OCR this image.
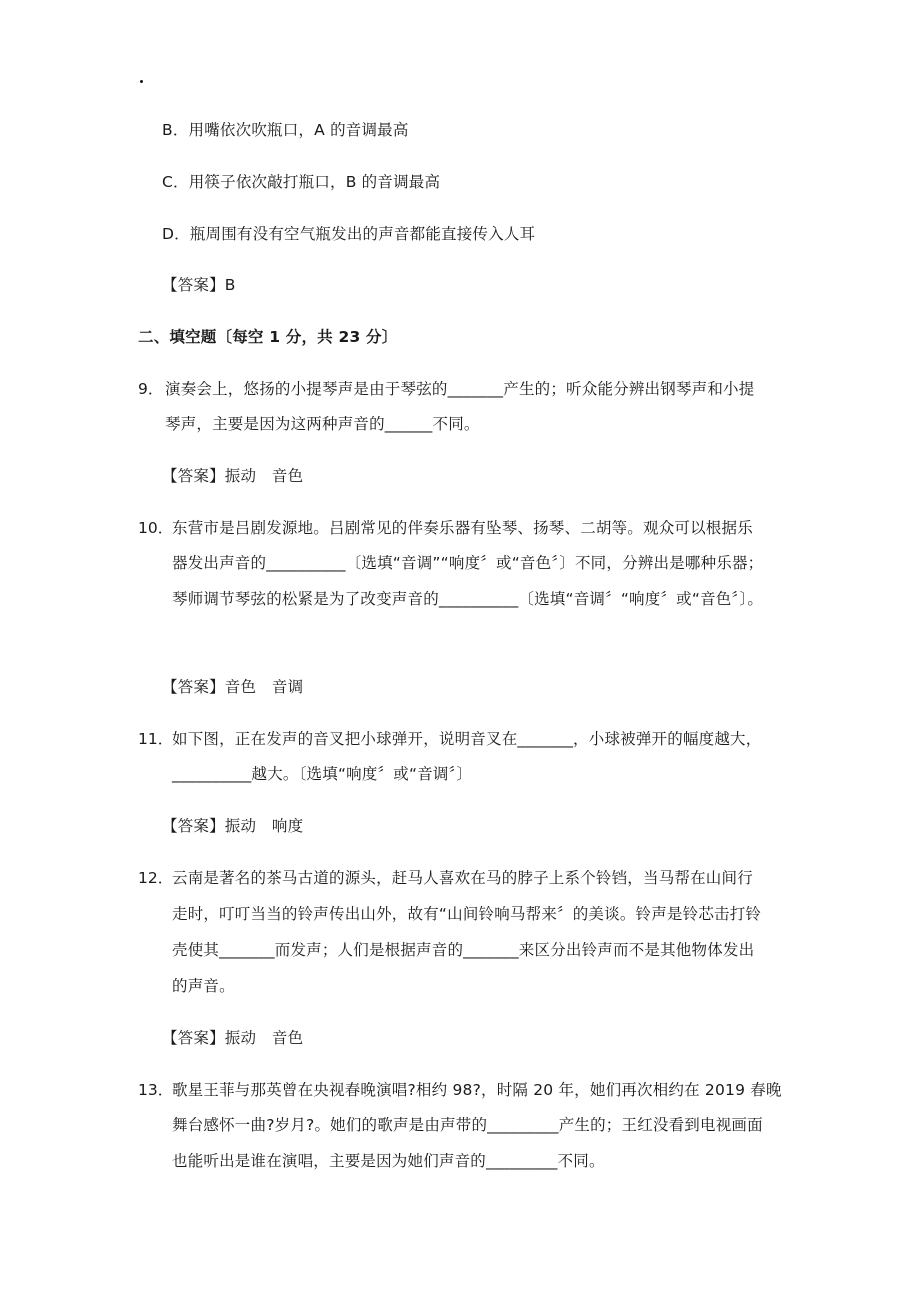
B．用嘴依次吹瓶口，A 的音调最高
C．用筷子依次敲打瓶口，B 的音调最高
D．瓶周围有没有空气瓶发出的声音都能直接传入人耳
【答案】B
二、填空题〔每空 1 分，共 23 分〕
9． 演奏会上，悠扬的小提琴声是由于琴弦的_______产生的；听众能分辨出钢琴声和小提
琴声，主要是因为这两种声音的______不同。
【答案】振动　音色
10．
东营市是吕剧发源地。吕剧常见的伴奏乐器有坠琴、扬琴、二胡等。观众可以根据乐
器发出声音的__________〔选填“音调”“响度〞或“音色〞〕不同，分辨出是哪种乐器；
琴师调节琴弦的松紧是为了改变声音的__________〔选填“音调〞“响度〞或“音色〞〕。
【答案】音色　音调
11．
如下图，正在发声的音叉把小球弹开，说明音叉在_______，小球被弹开的幅度越大，
__________越大。〔选填“响度〞或“音调〞〕
【答案】振动　响度
12．
云南是著名的茶马古道的源头，赶马人喜欢在马的脖子上系个铃铛，当马帮在山间行
走时，叮叮当当的铃声传出山外，故有“山间铃响马帮来〞的美谈。铃声是铃芯击打铃
壳使其_______而发声；人们是根据声音的_______来区分出铃声而不是其他物体发出
的声音。
【答案】振动　音色
13．
歌星王菲与那英曾在央视春晚演唱?相约 98?，时隔 20 年，她们再次相约在 2019 春晚
舞台感怀一曲?岁月?。她们的歌声是由声带的_________产生的；王红没看到电视画面
也能听出是谁在演唱，主要是因为她们声音的_________不同。
